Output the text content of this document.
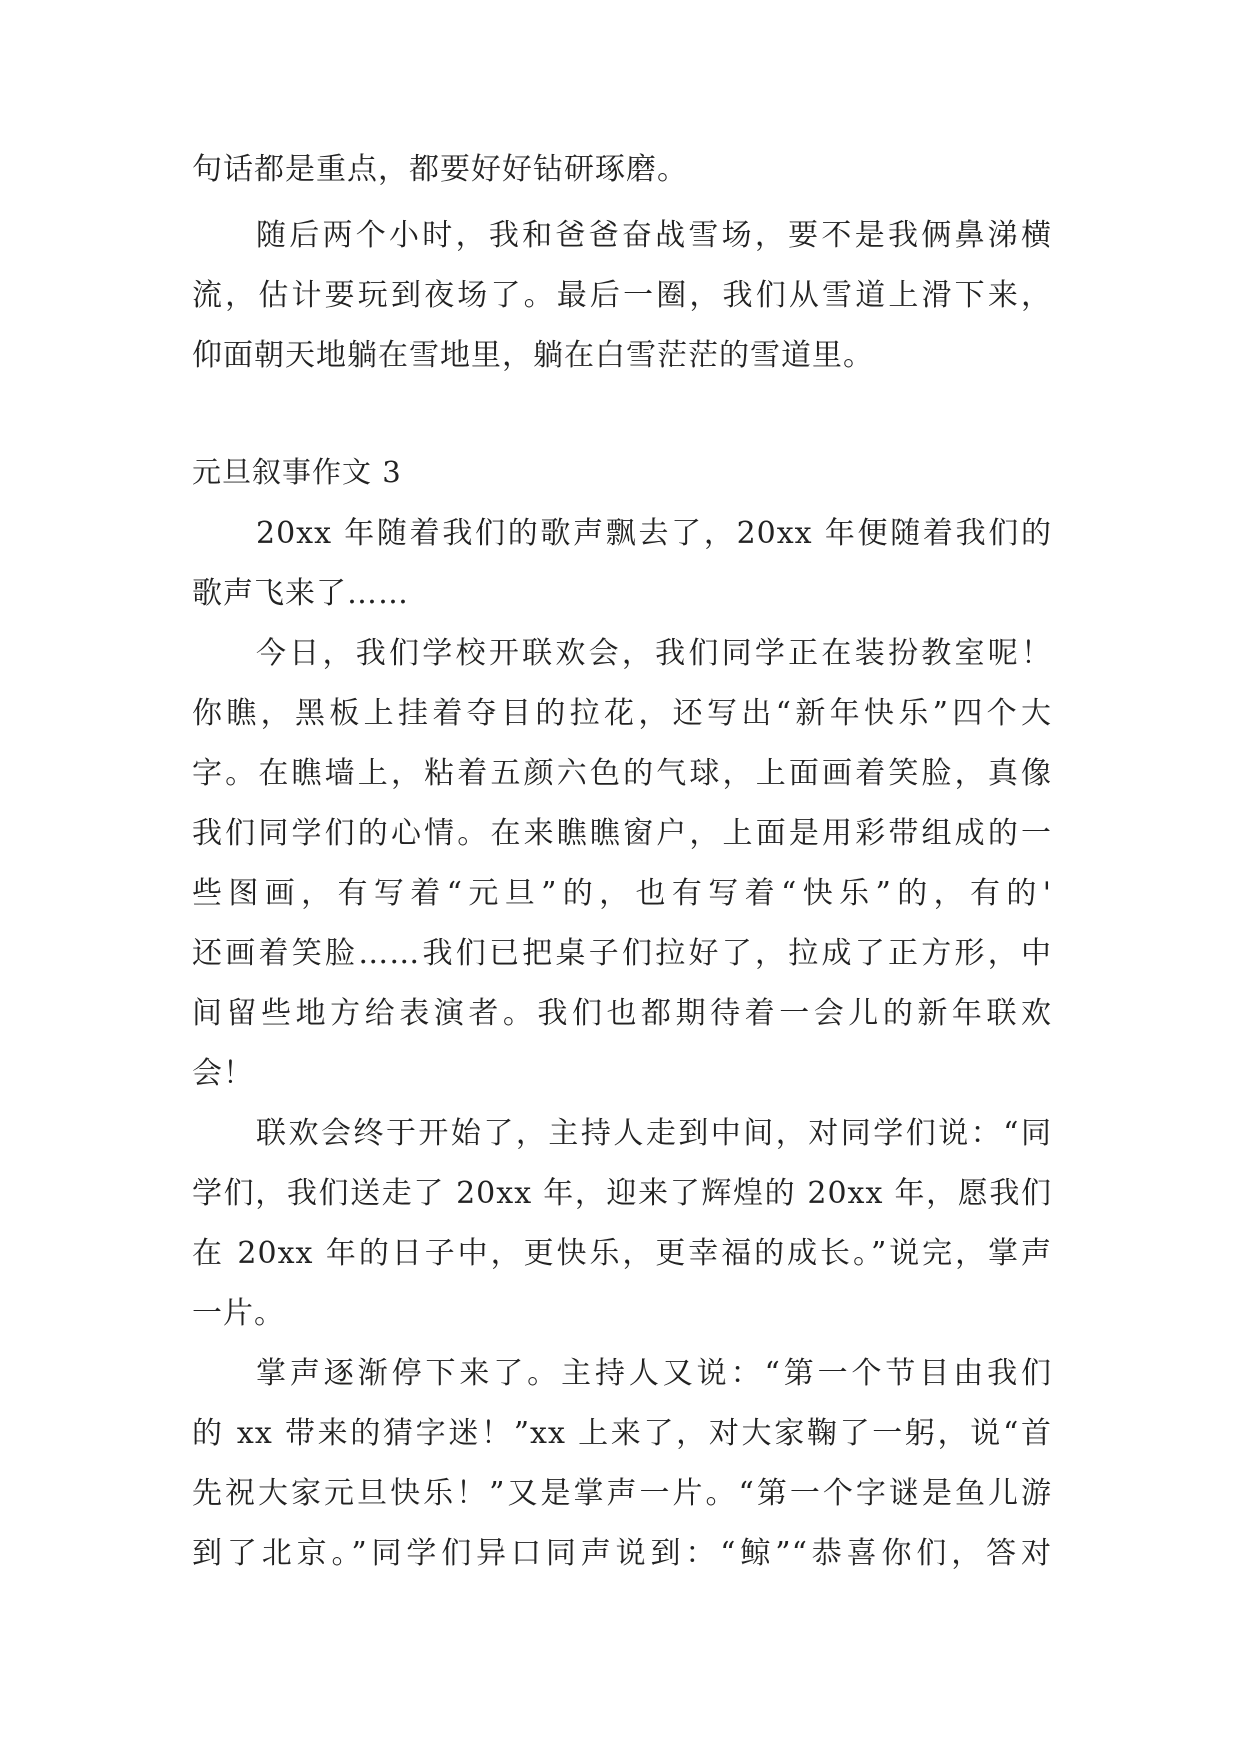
句话都是重点，都要好好钻研琢磨。
随后两个小时，我和爸爸奋战雪场，要不是我俩鼻涕横
流，估计要玩到夜场了。最后一圈，我们从雪道上滑下来，
仰面朝天地躺在雪地里，躺在白雪茫茫的雪道里。
元旦叙事作文 3
20xx 年随着我们的歌声飘去了，20xx 年便随着我们的
歌声飞来了……
今日，我们学校开联欢会，我们同学正在装扮教室呢！
你瞧，黑板上挂着夺目的拉花，还写出“新年快乐”四个大
字。在瞧墙上，粘着五颜六色的气球，上面画着笑脸，真像
我们同学们的心情。在来瞧瞧窗户，上面是用彩带组成的一
些图画，有写着“元旦”的，也有写着“快乐”的，有的'
还画着笑脸……我们已把桌子们拉好了，拉成了正方形，中
间留些地方给表演者。我们也都期待着一会儿的新年联欢
会！
联欢会终于开始了，主持人走到中间，对同学们说：“同
学们，我们送走了 20xx 年，迎来了辉煌的 20xx 年，愿我们
在 20xx 年的日子中，更快乐，更幸福的成长。”说完，掌声
一片。
掌声逐渐停下来了。主持人又说：“第一个节目由我们
的 xx 带来的猜字迷！”xx 上来了，对大家鞠了一躬，说“首
先祝大家元旦快乐！”又是掌声一片。“第一个字谜是鱼儿游
到了北京。”同学们异口同声说到：“鲸”“恭喜你们，答对
